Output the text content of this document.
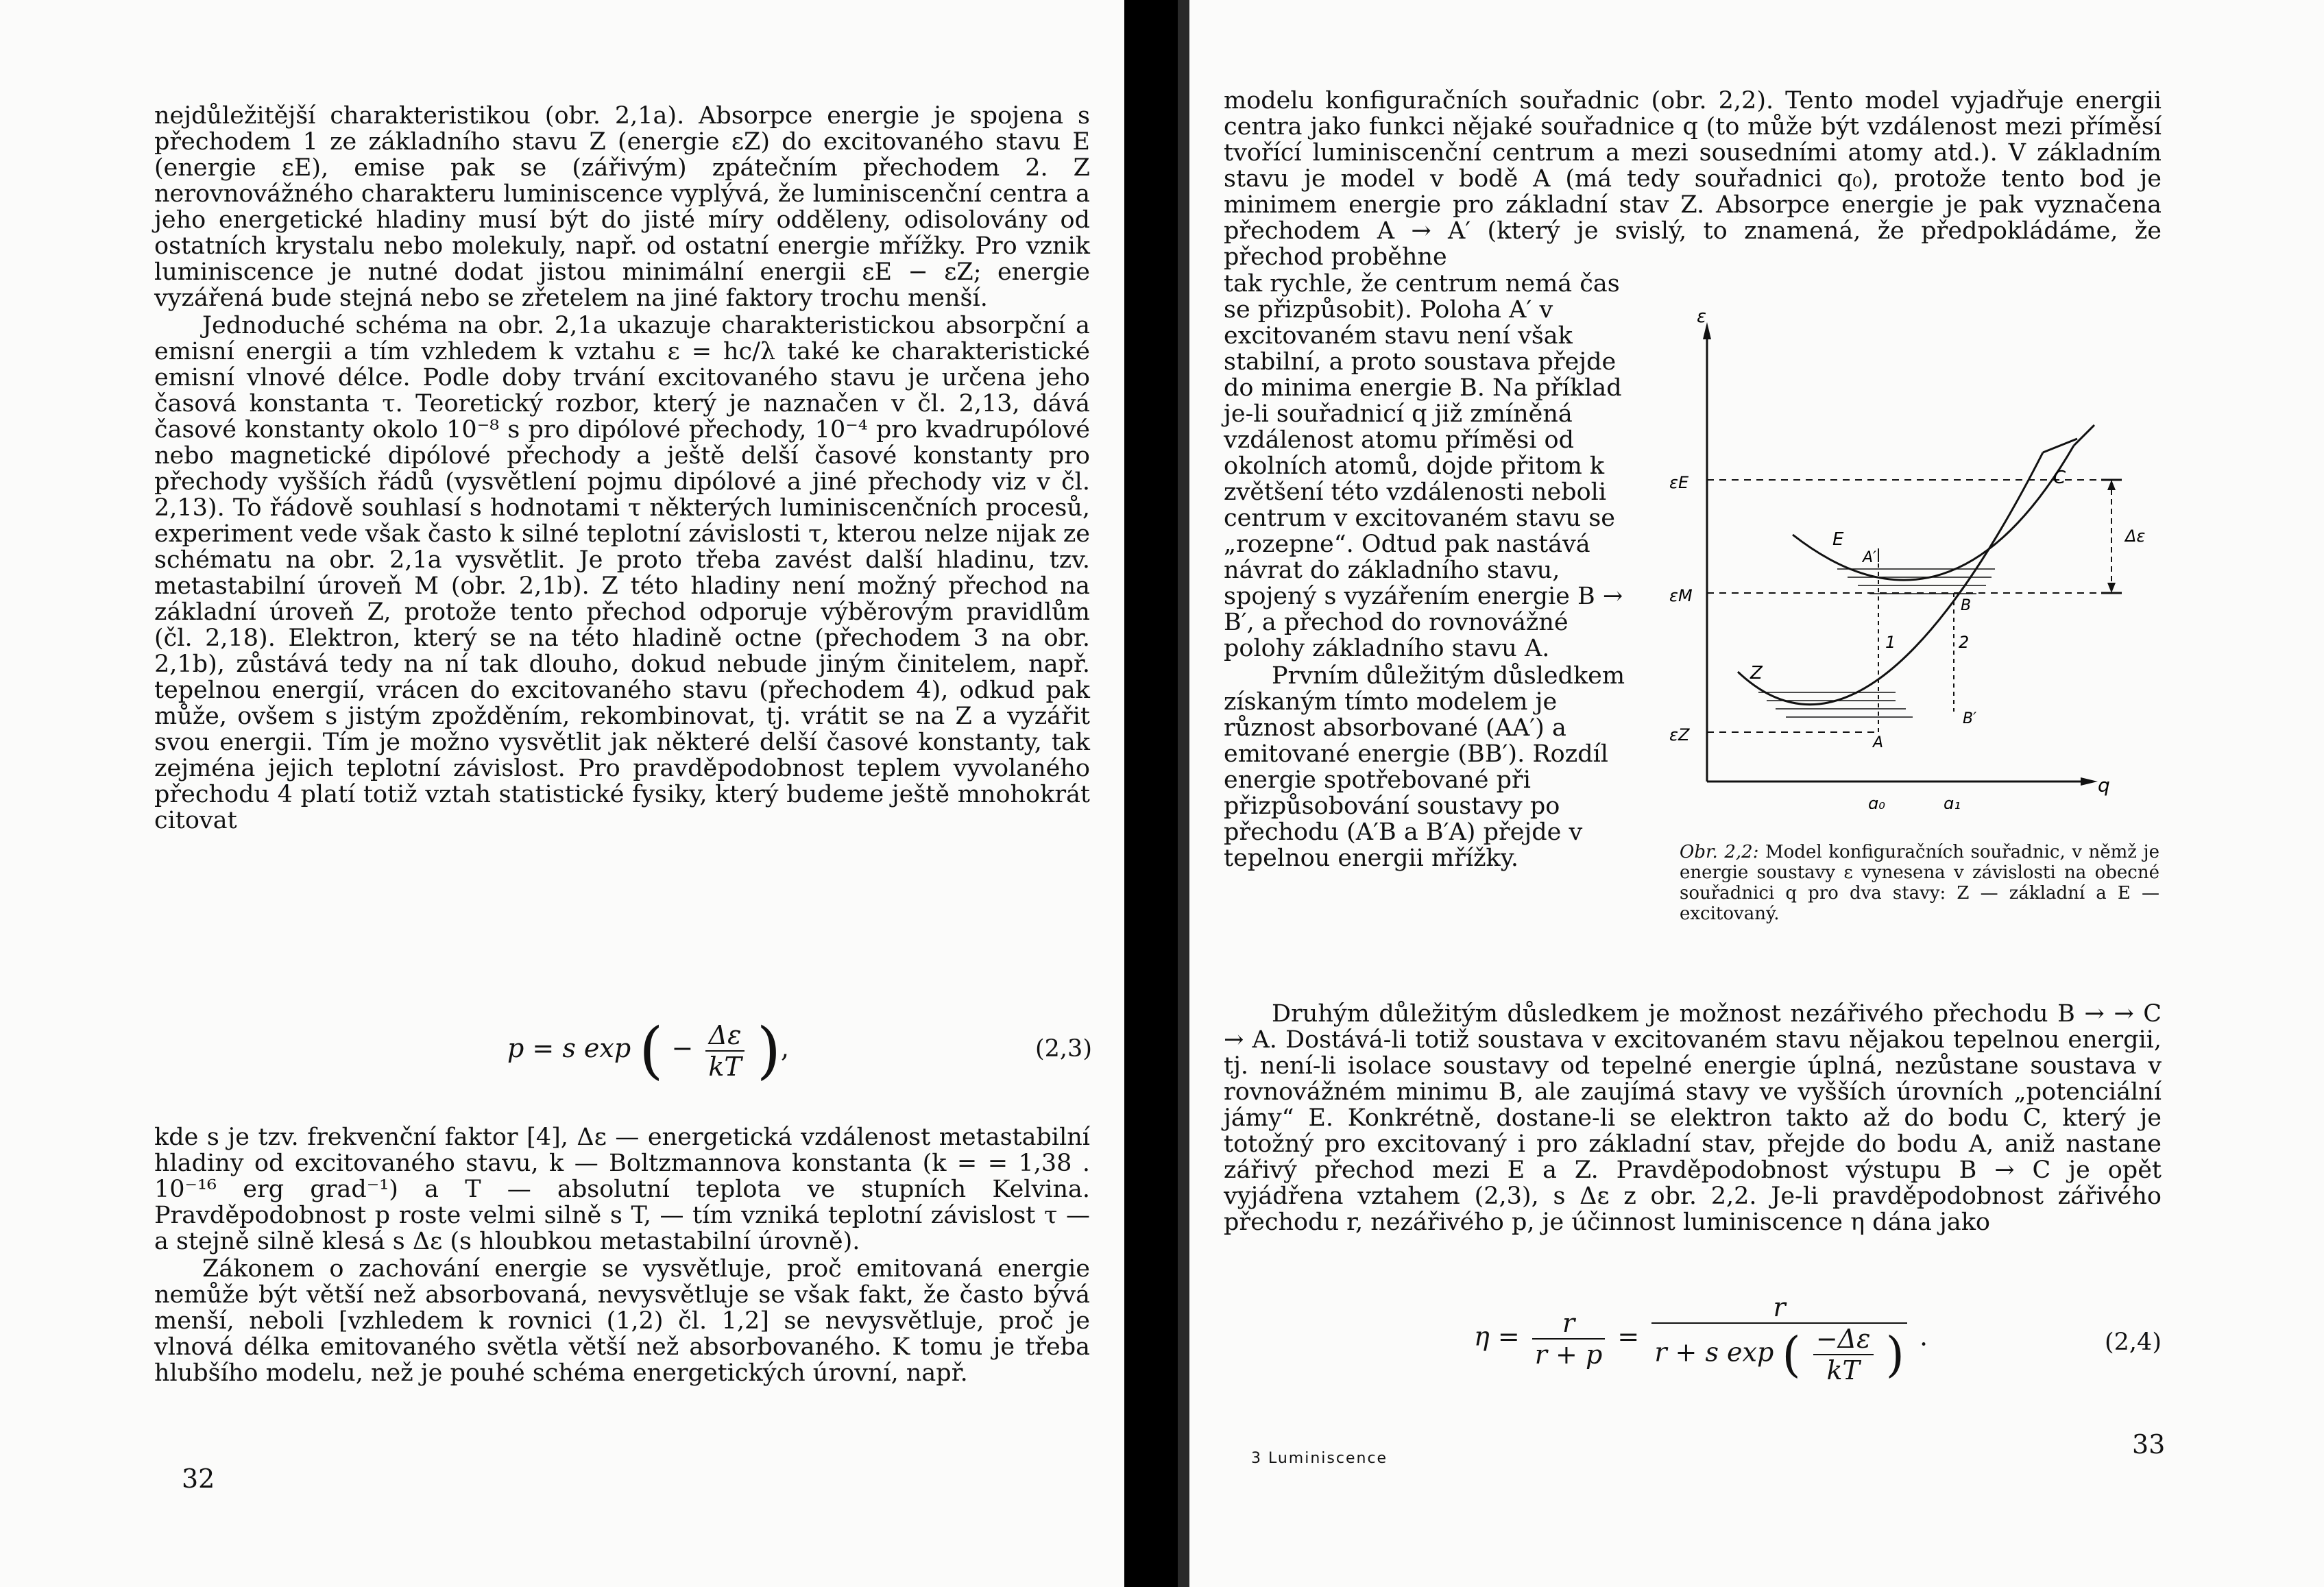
nejdůležitější charakteristikou (obr. 2,1a). Absorpce energie je spojena s přechodem 1 ze základního stavu Z (energie εZ) do excitovaného stavu E (energie εE), emise pak se (zářivým) zpátečním přechodem 2. Z nerovnovážného charakteru luminiscence vyplývá, že luminiscenční centra a jeho energetické hladiny musí být do jisté míry odděleny, odisolovány od ostatních krystalu nebo molekuly, např. od ostatní energie mřížky. Pro vznik luminiscence je nutné dodat jistou minimální energii εE − εZ; energie vyzářená bude stejná nebo se zřetelem na jiné faktory trochu menší.

Jednoduché schéma na obr. 2,1a ukazuje charakteristickou absorpční a emisní energii a tím vzhledem k vztahu ε = hc/λ také ke charakteristické emisní vlnové délce. Podle doby trvání excitovaného stavu je určena jeho časová konstanta τ. Teoretický rozbor, který je naznačen v čl. 2,13, dává časové konstanty okolo 10⁻⁸ s pro dipólové přechody, 10⁻⁴ pro kvadrupólové nebo magnetické dipólové přechody a ještě delší časové konstanty pro přechody vyšších řádů (vysvětlení pojmu dipólové a jiné přechody viz v čl. 2,13). To řádově souhlasí s hodnotami τ některých luminiscenčních procesů, experiment vede však často k silné teplotní závislosti τ, kterou nelze nijak ze schématu na obr. 2,1a vysvětlit. Je proto třeba zavést další hladinu, tzv. metastabilní úroveň M (obr. 2,1b). Z této hladiny není možný přechod na základní úroveň Z, protože tento přechod odporuje výběrovým pravidlům (čl. 2,18). Elektron, který se na této hladině octne (přechodem 3 na obr. 2,1b), zůstává tedy na ní tak dlouho, dokud nebude jiným činitelem, např. tepelnou energií, vrácen do excitovaného stavu (přechodem 4), odkud pak může, ovšem s jistým zpožděním, rekombinovat, tj. vrátit se na Z a vyzářit svou energii. Tím je možno vysvětlit jak některé delší časové konstanty, tak zejména jejich teplotní závislost. Pro pravděpodobnost teplem vyvolaného přechodu 4 platí totiž vztah statistické fysiky, který budeme ještě mnohokrát citovat

p = s exp ( − $\frac{\Delta\varepsilon}{kT}$ ),	(2,3)

kde s je tzv. frekvenční faktor [4], Δε — energetická vzdálenost metastabilní hladiny od excitovaného stavu, k — Boltzmannova konstanta (k = = 1,38 . 10⁻¹⁶ erg grad⁻¹) a T — absolutní teplota ve stupních Kelvina. Pravděpodobnost p roste velmi silně s T, — tím vzniká teplotní závislost τ — a stejně silně klesá s Δε (s hloubkou metastabilní úrovně).

Zákonem o zachování energie se vysvětluje, proč emitovaná energie nemůže být větší než absorbovaná, nevysvětluje se však fakt, že často bývá menší, neboli [vzhledem k rovnici (1,2) čl. 1,2] se nevysvětluje, proč je vlnová délka emitovaného světla větší než absorbovaného. K tomu je třeba hlubšího modelu, než je pouhé schéma energetických úrovní, např.

32

modelu konfiguračních souřadnic (obr. 2,2). Tento model vyjadřuje energii centra jako funkci nějaké souřadnice q (to může být vzdálenost mezi příměsí tvořící luminiscenční centrum a mezi sousedními atomy atd.). V základním stavu je model v bodě A (má tedy souřadnici q₀), protože tento bod je minimem energie pro základní stav Z. Absorpce energie je pak vyznačena přechodem A → A′ (který je svislý, to znamená, že předpokládáme, že přechod proběhne

tak rychle, že centrum nemá čas se přizpůsobit). Poloha A′ v excitovaném stavu není však stabilní, a proto soustava přejde do minima energie B. Na příklad je-li souřadnicí q již zmíněná vzdálenost atomu příměsi od okolních atomů, dojde přitom k zvětšení této vzdálenosti neboli centrum v excitovaném stavu se „rozepne“. Odtud pak nastává návrat do základního stavu, spojený s vyzářením energie B → B′, a přechod do rovnovážné polohy základního stavu A.

Prvním důležitým důsledkem získaným tímto modelem je různost absorbované (AA′) a emitované energie (BB′). Rozdíl energie spotřebované při přizpůsobování soustavy po přechodu (A′B a B′A) přejde v tepelnou energii mřížky.

ε
q
εE
εM
εZ
Δε
E
Z
A′
B
B′
C
A
1	2
q₀	q₁
Obr. 2,2: Model konfiguračních souřadnic, v němž je energie soustavy ε vynesena v závislosti na obecné souřadnici q pro dva stavy: Z — základní a E — excitovaný.

Druhým důležitým důsledkem je možnost nezářivého přechodu B → → C → A. Dostává-li totiž soustava v excitovaném stavu nějakou tepelnou energii, tj. není-li isolace soustavy od tepelné energie úplná, nezůstane soustava v rovnovážném minimu B, ale zaujímá stavy ve vyšších úrovních „potenciální jámy“ E. Konkrétně, dostane-li se elektron takto až do bodu C, který je totožný pro excitovaný i pro základní stav, přejde do bodu A, aniž nastane zářivý přechod mezi E a Z. Pravděpodobnost výstupu B → C je opět vyjádřena vztahem (2,3), s Δε z obr. 2,2. Je-li pravděpodobnost zářivého přechodu r, nezářivého p, je účinnost luminiscence η dána jako

$\eta = \frac{r}{r + p}$ =
r
r + s exp ( $\frac{-\Delta\varepsilon}{kT}$ ) .	(2,4)
3 Luminiscence	33
